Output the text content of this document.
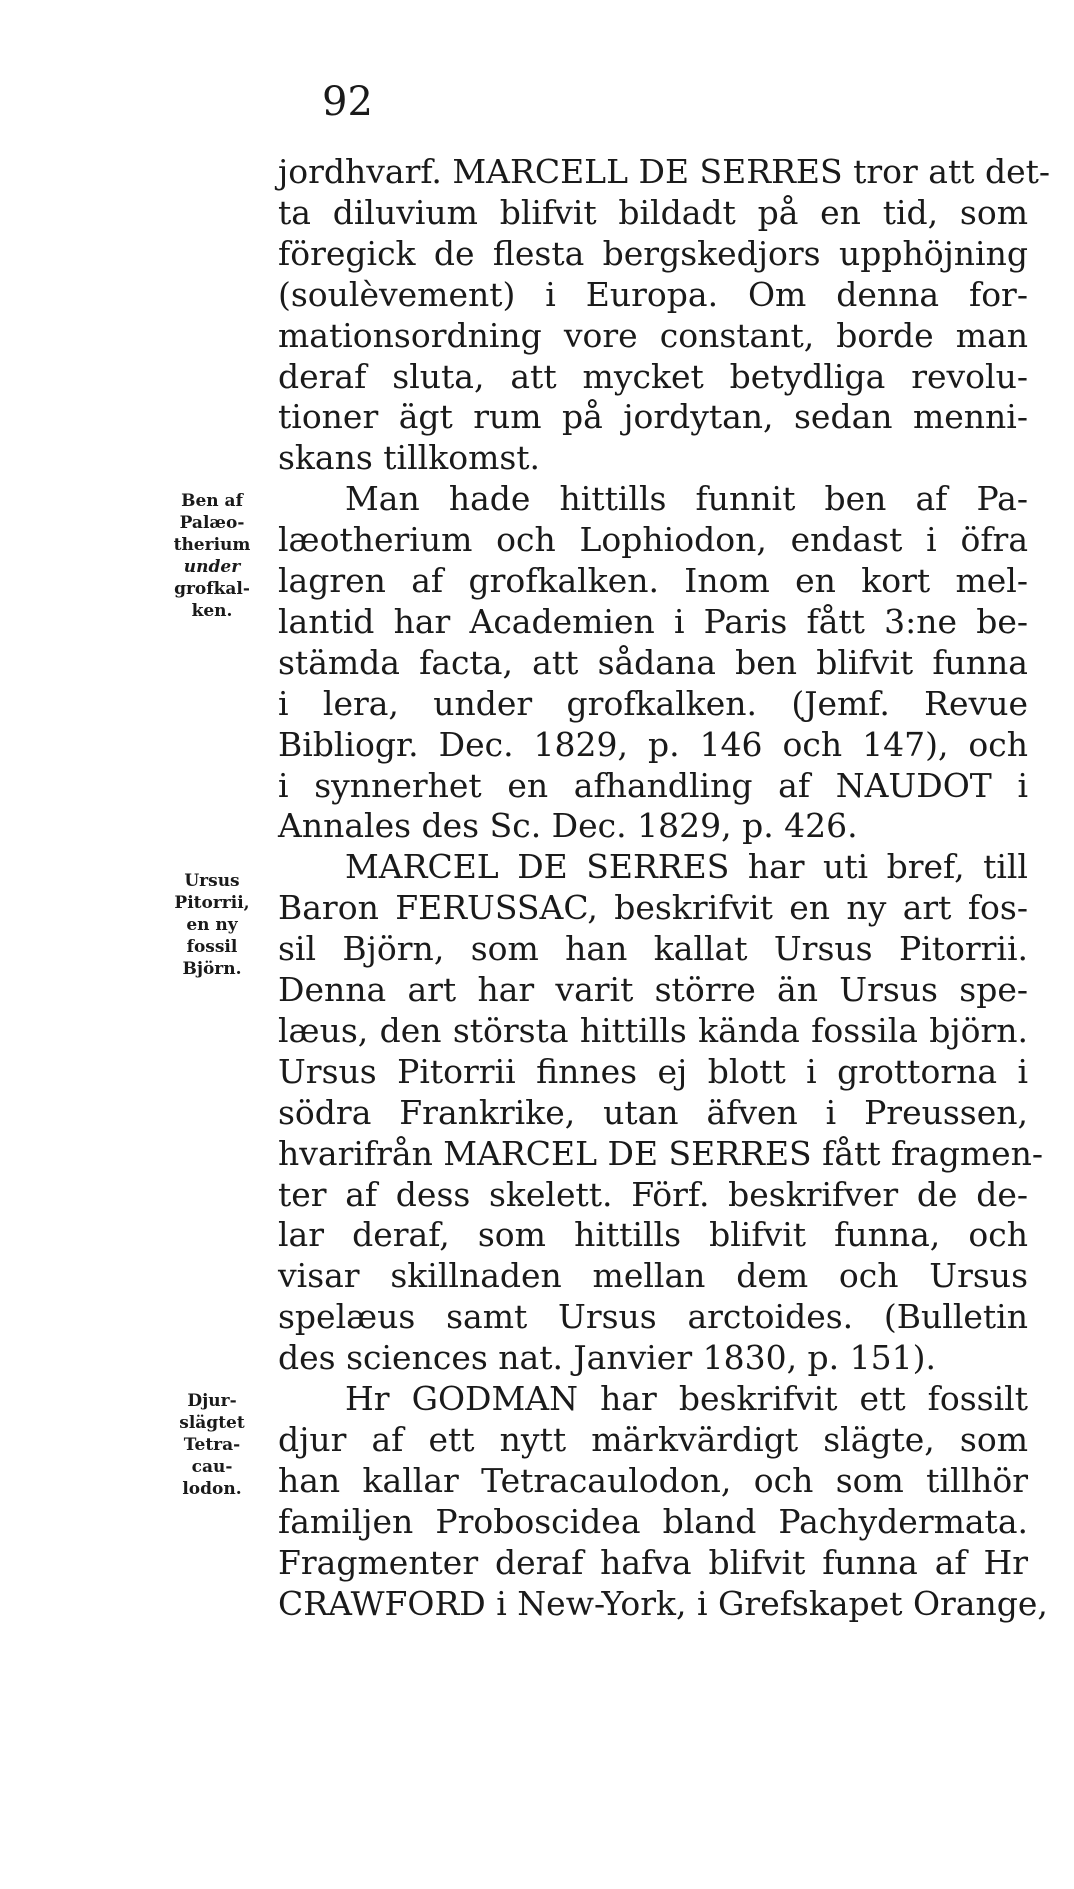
92
jordhvarf. MARCELL DE SERRES tror att det-
ta diluvium blifvit bildadt på en tid, som
föregick de flesta bergskedjors upphöjning
(soulèvement) i Europa. Om denna for-
mationsordning vore constant, borde man
deraf sluta, att mycket betydliga revolu-
tioner ägt rum på jordytan, sedan menni-
skans tillkomst.
Man hade hittills funnit ben af Pa-
læotherium och Lophiodon, endast i öfra
lagren af grofkalken. Inom en kort mel-
lantid har Academien i Paris fått 3:ne be-
stämda facta, att sådana ben blifvit funna
i lera, under grofkalken. (Jemf. Revue
Bibliogr. Dec. 1829, p. 146 och 147), och
i synnerhet en afhandling af NAUDOT i
Annales des Sc. Dec. 1829, p. 426.
MARCEL DE SERRES har uti bref, till
Baron FERUSSAC, beskrifvit en ny art fos-
sil Björn, som han kallat Ursus Pitorrii.
Denna art har varit större än Ursus spe-
læus, den största hittills kända fossila björn.
Ursus Pitorrii finnes ej blott i grottorna i
södra Frankrike, utan äfven i Preussen,
hvarifrån MARCEL DE SERRES fått fragmen-
ter af dess skelett. Förf. beskrifver de de-
lar deraf, som hittills blifvit funna, och
visar skillnaden mellan dem och Ursus
spelæus samt Ursus arctoides. (Bulletin
des sciences nat. Janvier 1830, p. 151).
Hr GODMAN har beskrifvit ett fossilt
djur af ett nytt märkvärdigt slägte, som
han kallar Tetracaulodon, och som tillhör
familjen Proboscidea bland Pachydermata.
Fragmenter deraf hafva blifvit funna af Hr
CRAWFORD i New-York, i Grefskapet Orange,
Ben af
Palæo-
therium
under
grofkal-
ken.
Ursus
Pitorrii,
en ny
fossil
Björn.
Djur-
slägtet
Tetra-
cau-
lodon.
